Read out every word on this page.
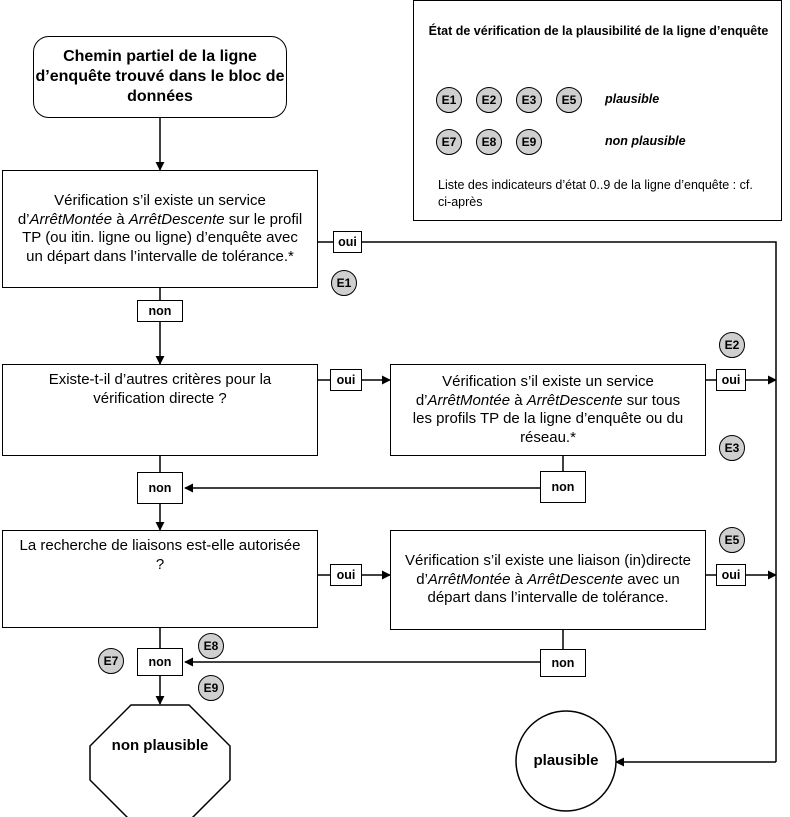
État de vérification de la plausibilité de la ligne d’enquête
E1	E2	E3	E5	plausible
E7	E8	E9	non plausible
Liste des indicateurs d’état 0..9 de la ligne d’enquête : cf. ci-après
Chemin partiel de la ligne d’enquête trouvé dans le bloc de données
Vérification s’il existe un service d’ArrêtMontée à ArrêtDescente sur le profil TP (ou itin. ligne ou ligne) d’enquête avec un départ dans l’intervalle de tolérance.*
Existe-t-il d’autres critères pour la vérification directe ?
Vérification s’il existe un service d’ArrêtMontée à ArrêtDescente sur tous les profils TP de la ligne d’enquête ou du réseau.*
La recherche de liaisons est-elle autorisée ?	Vérification s’il existe une liaison (in)directe d’ArrêtMontée à ArrêtDescente avec un départ dans l’intervalle de tolérance.
oui
non
oui	oui
non	non
oui	oui
non	non
E1
E2
E3
E5
E7
E8
E9
non plausible
plausible
